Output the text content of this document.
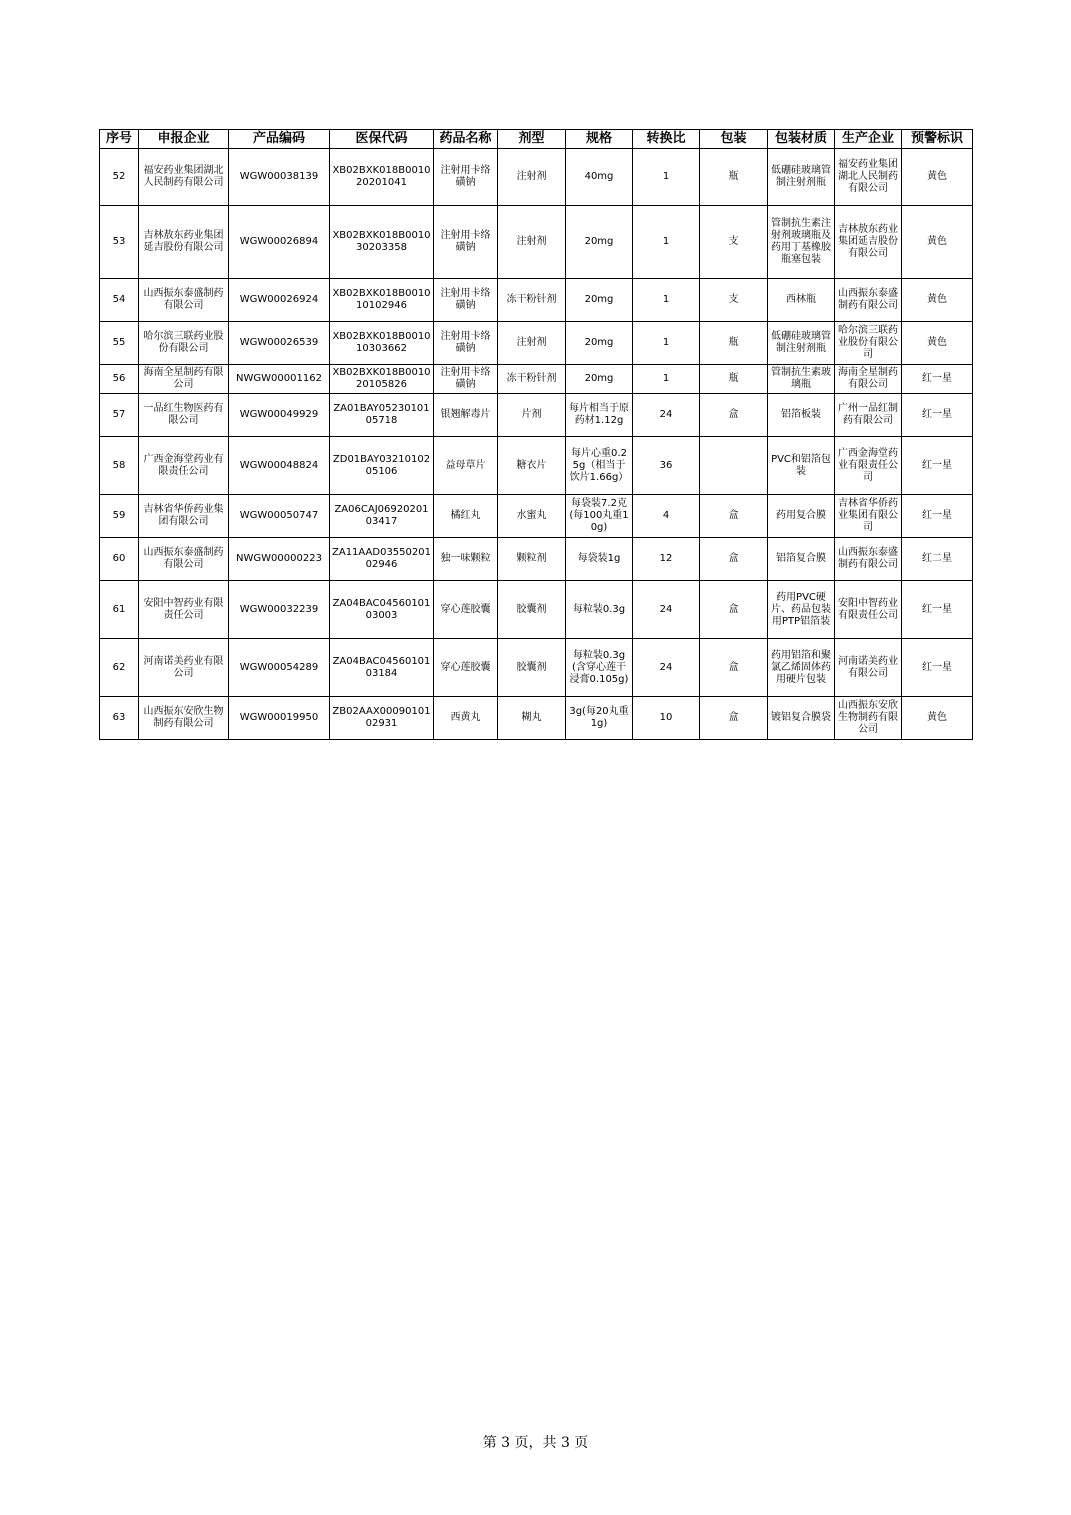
序号	申报企业	产品编码	医保代码	药品名称	剂型	规格	转换比	包装	包装材质	生产企业	预警标识
52	福安药业集团湖北人民制药有限公司	WGW00038139	XB02BXK018B001020201041	注射用卡络磺钠	注射剂	40mg	1	瓶	低硼硅玻璃管制注射剂瓶	福安药业集团湖北人民制药有限公司	黄色
53	吉林敖东药业集团延吉股份有限公司	WGW00026894	XB02BXK018B001030203358	注射用卡络磺钠	注射剂	20mg	1	支	管制抗生素注射剂玻璃瓶及药用丁基橡胶瓶塞包装	吉林敖东药业集团延吉股份有限公司	黄色
54	山西振东泰盛制药有限公司	WGW00026924	XB02BXK018B001010102946	注射用卡络磺钠	冻干粉针剂	20mg	1	支	西林瓶	山西振东泰盛制药有限公司	黄色
55	哈尔滨三联药业股份有限公司	WGW00026539	XB02BXK018B001010303662	注射用卡络磺钠	注射剂	20mg	1	瓶	低硼硅玻璃管制注射剂瓶	哈尔滨三联药业股份有限公司	黄色
56	海南全星制药有限公司	NWGW00001162	XB02BXK018B001020105826	注射用卡络磺钠	冻干粉针剂	20mg	1	瓶	管制抗生素玻璃瓶	海南全星制药有限公司	红一星
57	一品红生物医药有限公司	WGW00049929	ZA01BAY0523010105718	银翘解毒片	片剂	每片相当于原药材1.12g	24	盒	铝箔板装	广州一品红制药有限公司	红一星
58	广西金海堂药业有限责任公司	WGW00048824	ZD01BAY0321010205106	益母草片	糖衣片	每片心重0.25g（相当于饮片1.66g）	36		PVC和铝箔包装	广西金海堂药业有限责任公司	红一星
59	吉林省华侨药业集团有限公司	WGW00050747	ZA06CAJ0692020103417	橘红丸	水蜜丸	每袋装7.2克(每100丸重10g)	4	盒	药用复合膜	吉林省华侨药业集团有限公司	红一星
60	山西振东泰盛制药有限公司	NWGW00000223	ZA11AAD0355020102946	独一味颗粒	颗粒剂	每袋装1g	12	盒	铝箔复合膜	山西振东泰盛制药有限公司	红二星
61	安阳中智药业有限责任公司	WGW00032239	ZA04BAC0456010103003	穿心莲胶囊	胶囊剂	每粒装0.3g	24	盒	药用PVC硬片、药品包装用PTP铝箔装	安阳中智药业有限责任公司	红一星
62	河南诺美药业有限公司	WGW00054289	ZA04BAC0456010103184	穿心莲胶囊	胶囊剂	每粒装0.3g(含穿心莲干浸膏0.105g)	24	盒	药用铝箔和聚氯乙烯固体药用硬片包装	河南诺美药业有限公司	红一星
63	山西振东安欣生物制药有限公司	WGW00019950	ZB02AAX0009010102931	西黄丸	糊丸	3g(每20丸重1g)	10	盒	镀铝复合膜袋	山西振东安欣生物制药有限公司	黄色
第 3 页，共 3 页
